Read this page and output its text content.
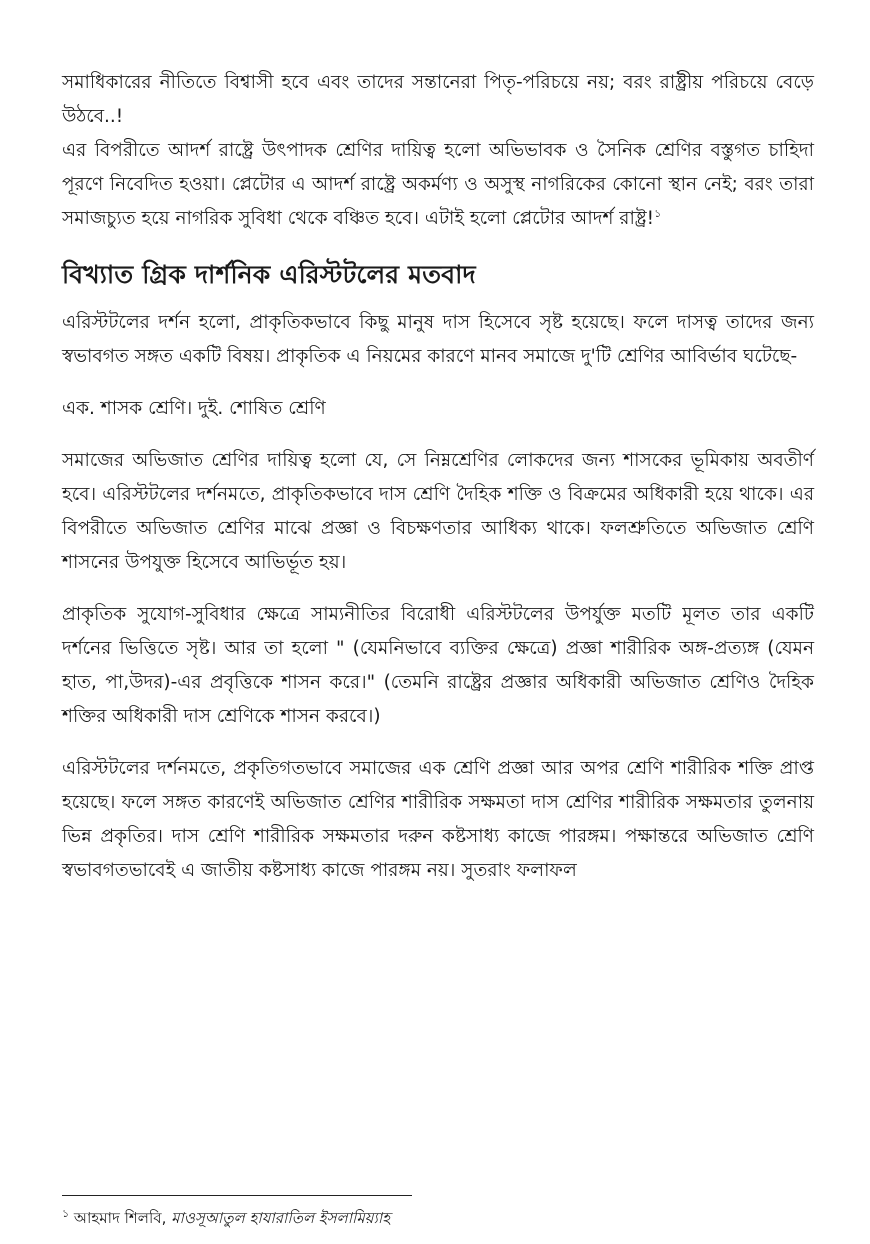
সমাধিকারের নীতিতে বিশ্বাসী হবে এবং তাদের সন্তানেরা পিতৃ-পরিচয়ে নয়; বরং রাষ্ট্রীয় পরিচয়ে বেড়ে উঠবে..!

এর বিপরীতে আদর্শ রাষ্ট্রে উৎপাদক শ্রেণির দায়িত্ব হলো অভিভাবক ও সৈনিক শ্রেণির বস্তুগত চাহিদা পূরণে নিবেদিত হওয়া। প্লেটোর এ আদর্শ রাষ্ট্রে অকর্মণ্য ও অসুস্থ নাগরিকের কোনো স্থান নেই; বরং তারা সমাজচ্যুত হয়ে নাগরিক সুবিধা থেকে বঞ্চিত হবে। এটাই হলো প্লেটোর আদর্শ রাষ্ট্র!$^১$

বিখ্যাত গ্রিক দার্শনিক এরিস্টটলের মতবাদ

এরিস্টটলের দর্শন হলো, প্রাকৃতিকভাবে কিছু মানুষ দাস হিসেবে সৃষ্ট হয়েছে। ফলে দাসত্ব তাদের জন্য স্বভাবগত সঙ্গত একটি বিষয়। প্রাকৃতিক এ নিয়মের কারণে মানব সমাজে দু'টি শ্রেণির আবির্ভাব ঘটেছে-

এক. শাসক শ্রেণি। দুই. শোষিত শ্রেণি

সমাজের অভিজাত শ্রেণির দায়িত্ব হলো যে, সে নিম্নশ্রেণির লোকদের জন্য শাসকের ভূমিকায় অবতীর্ণ হবে। এরিস্টটলের দর্শনমতে, প্রাকৃতিকভাবে দাস শ্রেণি দৈহিক শক্তি ও বিক্রমের অধিকারী হয়ে থাকে। এর বিপরীতে অভিজাত শ্রেণির মাঝে প্রজ্ঞা ও বিচক্ষণতার আধিক্য থাকে। ফলশ্রুতিতে অভিজাত শ্রেণি শাসনের উপযুক্ত হিসেবে আভির্ভূত হয়।

প্রাকৃতিক সুযোগ-সুবিধার ক্ষেত্রে সাম্যনীতির বিরোধী এরিস্টটলের উপর্যুক্ত মতটি মূলত তার একটি দর্শনের ভিত্তিতে সৃষ্ট। আর তা হলো " (যেমনিভাবে ব্যক্তির ক্ষেত্রে) প্রজ্ঞা শারীরিক অঙ্গ-প্রত্যঙ্গ (যেমন হাত, পা,উদর)-এর প্রবৃত্তিকে শাসন করে।" (তেমনি রাষ্ট্রের প্রজ্ঞার অধিকারী অভিজাত শ্রেণিও দৈহিক শক্তির অধিকারী দাস শ্রেণিকে শাসন করবে।)

এরিস্টটলের দর্শনমতে, প্রকৃতিগতভাবে সমাজের এক শ্রেণি প্রজ্ঞা আর অপর শ্রেণি শারীরিক শক্তি প্রাপ্ত হয়েছে। ফলে সঙ্গত কারণেই অভিজাত শ্রেণির শারীরিক সক্ষমতা দাস শ্রেণির শারীরিক সক্ষমতার তুলনায় ভিন্ন প্রকৃতির। দাস শ্রেণি শারীরিক সক্ষমতার দরুন কষ্টসাধ্য কাজে পারঙ্গম। পক্ষান্তরে অভিজাত শ্রেণি স্বভাবগতভাবেই এ জাতীয় কষ্টসাধ্য কাজে পারঙ্গম নয়। সুতরাং ফলাফল

$^১$ আহমাদ শিলবি, মাওসূআতুল হাযারাতিল ইসলামিয়্যাহ
